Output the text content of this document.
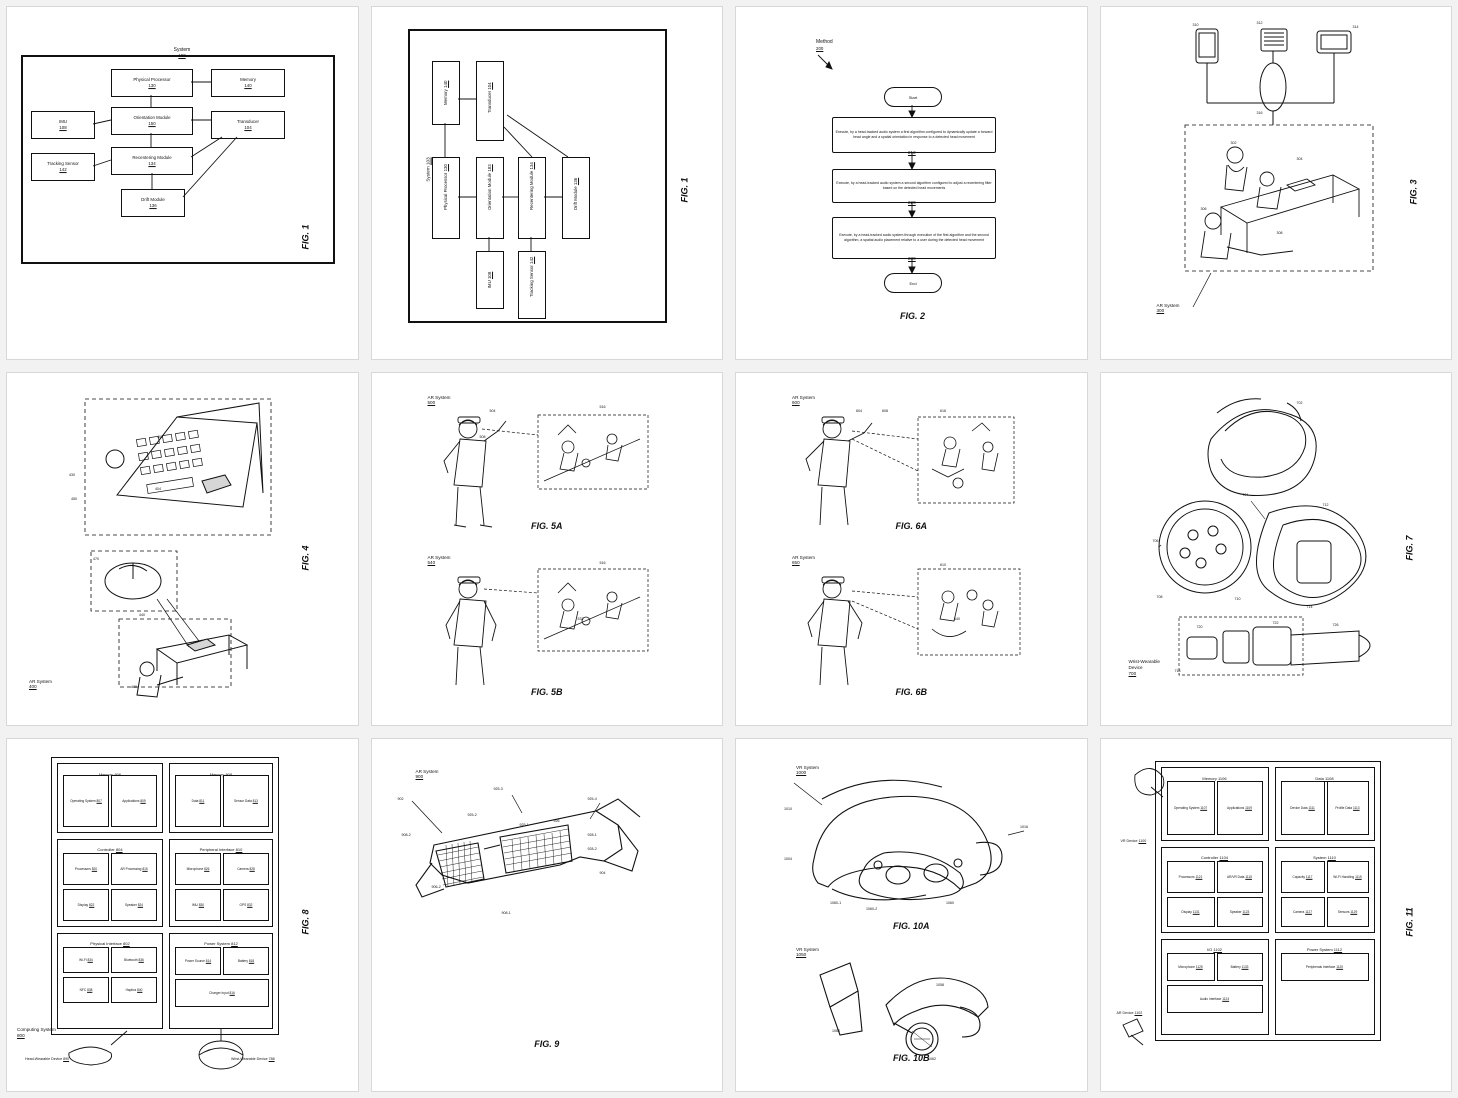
System
100
Physical Processor
130
Memory
140
IMU
108
Orientation Module
150	Transducer
104
Tracking Sensor
142
Recentering Module
134
Drift Module
136
FIG. 1
System 103
Physical Processor 130
Memory 140
Transducer 104
Orientation Module 183
Recentering Module 134
Drift Module 136
IMU 108	Tracking Sensor 142
FIG. 1
Method
200
Start
Execute, by a head-tracked audio system a first algorithm configured to dynamically update a forward head angle and a spatial orientation in response to a detected head movement
212
Execute, by a head-tracked audio system a second algorithm configured to adjust a recentering filter based on the detected head movements
220
Execute, by a head-tracked audio system through execution of the first algorithm and the second algorithm, a spatial audio placement relative to a user during the detected head movement
230
End
FIG. 2
AR System
300
310	312
314
316
302
304
306
308
FIG. 3
430
450
402
404
470
440
460
AR System
400
FIG. 4
AR System
500
504
516
508
FIG. 5A
AR System
540	516
532
FIG. 5B
AR System
600
604	608	616
FIG. 6A
AR System
650	610
640
FIG. 6B
702
704
712
706
708	710
714
720
722	726
718
Wrist-Wearable Device
700
FIG. 7
Operating System 807	Applications 809	Data 811	Sensor Data 813
Controller 804
Processors 820	AR Processing 815
Display 822	Speaker 824
Peripheral Interface 810
Microphone 826	Camera 828
IMU 830	GPS 832
Physical Interface 802
Wi-Fi 834	Bluetooth 836
NFC 838	Haptics 840
Power System 812
Power Source 814	Battery 818
Charger Input 816
Computing System
800
Head-Wearable Device 890	Wrist-Wearable Device 788
FIG. 8
AR System
900
902
925-3
925-4
925-2
908-2
925-1
926
928-1
928-2
904
906-2
908-1
FIG. 9
VR System
1000
1010
1004
1016
1060-1
1060-2
1060
FIG. 10A
VR System
1050
1058
1060
1062
FIG. 10B
Memory 1106
Operating System 1107	Applications 1109
Data 1108
Device Data 1111	Profile Data 1113
Controller 1104
Processors 1121	AR/VR Data 1115
Display 1131	Speaker 1123
System 1110
Capacity 1117	Wi-Fi Handling 1119
Camera 1127	Sensors 1129
I/O 1102
Microphone 1125	Battery 1133
Audio Interface 1124
Power System 1112
Peripherals Interface 1120
AR Device 1102
VR Device 1100
FIG. 11
